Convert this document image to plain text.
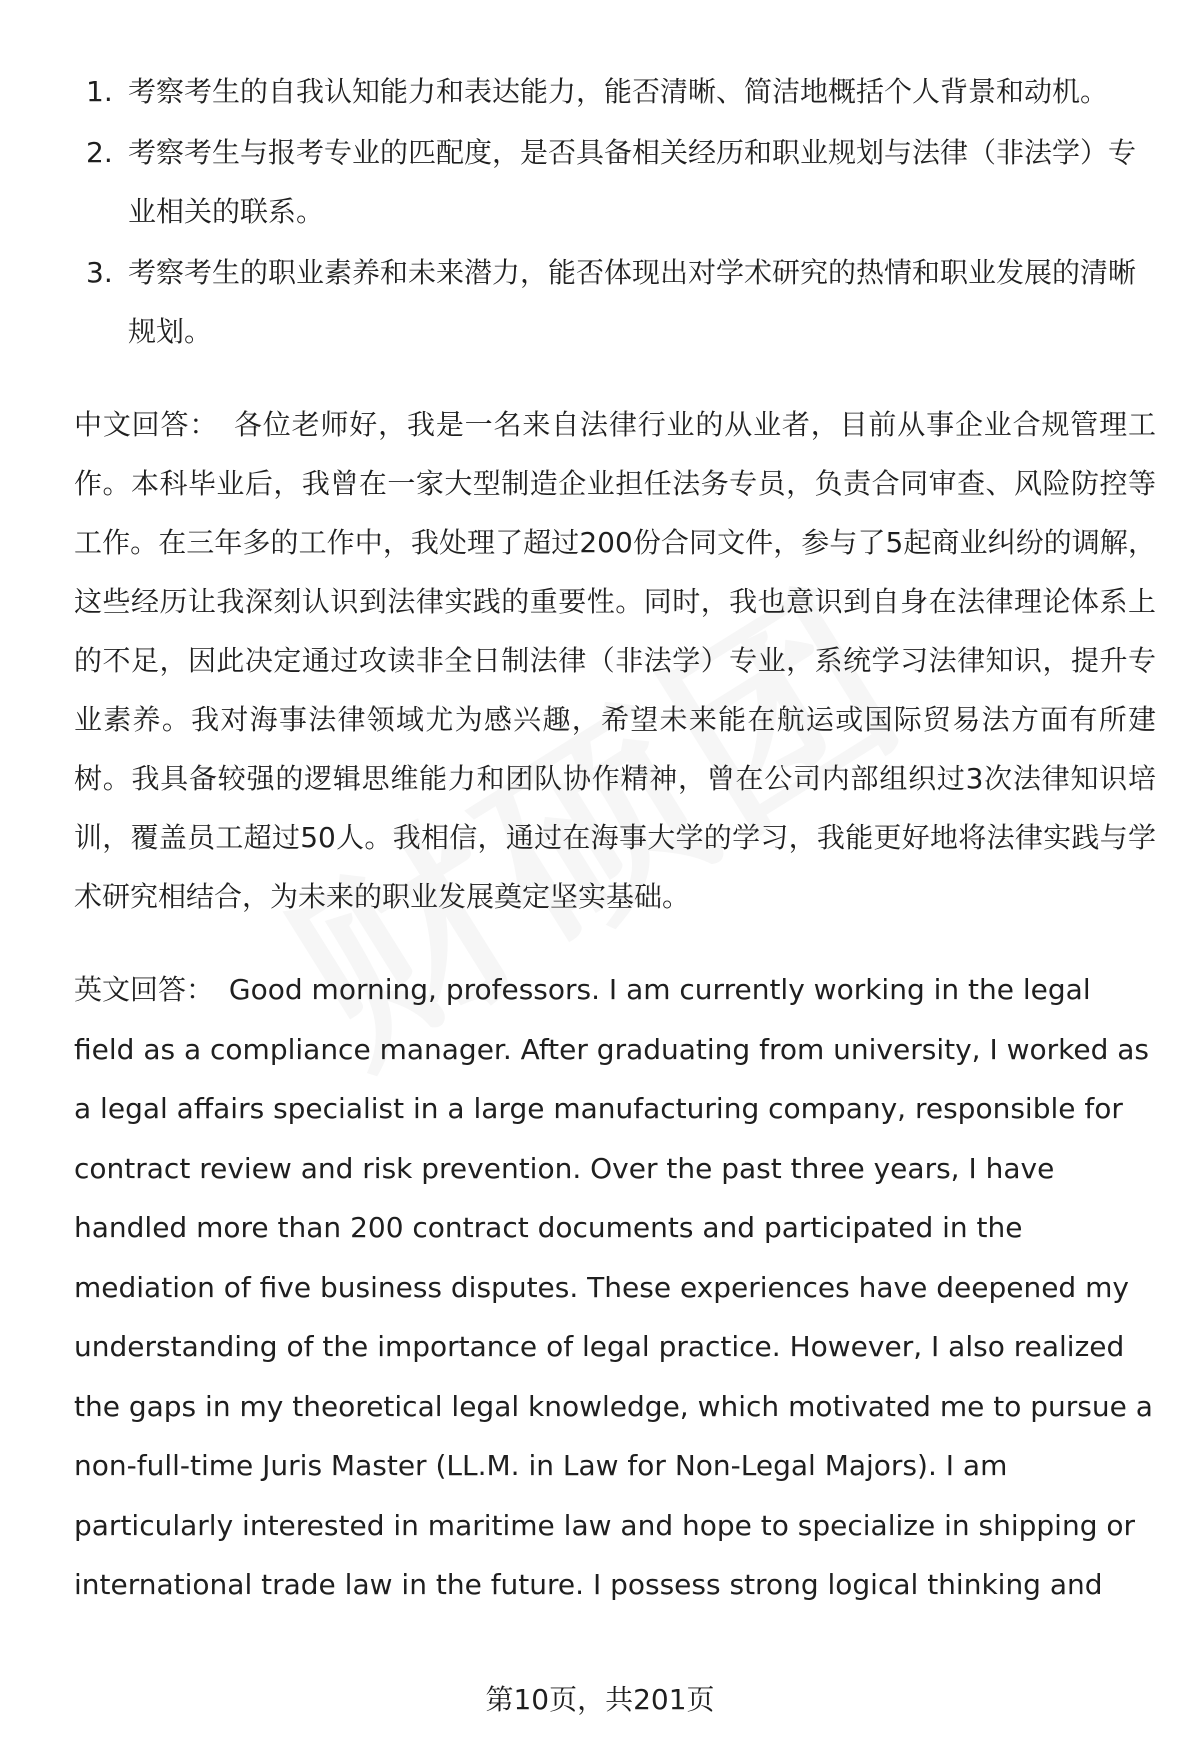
1. 考察考生的自我认知能力和表达能力，能否清晰、简洁地概括个人背景和动机。
2. 考察考生与报考专业的匹配度，是否具备相关经历和职业规划与法律（非法学）专业相关的联系。
3. 考察考生的职业素养和未来潜力，能否体现出对学术研究的热情和职业发展的清晰规划。

中文回答： 各位老师好，我是一名来自法律行业的从业者，目前从事企业合规管理工作。本科毕业后，我曾在一家大型制造企业担任法务专员，负责合同审查、风险防控等工作。在三年多的工作中，我处理了超过200份合同文件，参与了5起商业纠纷的调解，这些经历让我深刻认识到法律实践的重要性。同时，我也意识到自身在法律理论体系上的不足，因此决定通过攻读非全日制法律（非法学）专业，系统学习法律知识，提升专业素养。我对海事法律领域尤为感兴趣，希望未来能在航运或国际贸易法方面有所建树。我具备较强的逻辑思维能力和团队协作精神，曾在公司内部组织过3次法律知识培训，覆盖员工超过50人。我相信，通过在海事大学的学习，我能更好地将法律实践与学术研究相结合，为未来的职业发展奠定坚实基础。

英文回答： Good morning, professors. I am currently working in the legal field as a compliance manager. After graduating from university, I worked as a legal affairs specialist in a large manufacturing company, responsible for contract review and risk prevention. Over the past three years, I have handled more than 200 contract documents and participated in the mediation of five business disputes. These experiences have deepened my understanding of the importance of legal practice. However, I also realized the gaps in my theoretical legal knowledge, which motivated me to pursue a non-full-time Juris Master (LL.M. in Law for Non-Legal Majors). I am particularly interested in maritime law and hope to specialize in shipping or international trade law in the future. I possess strong logical thinking and

第10页，共201页
